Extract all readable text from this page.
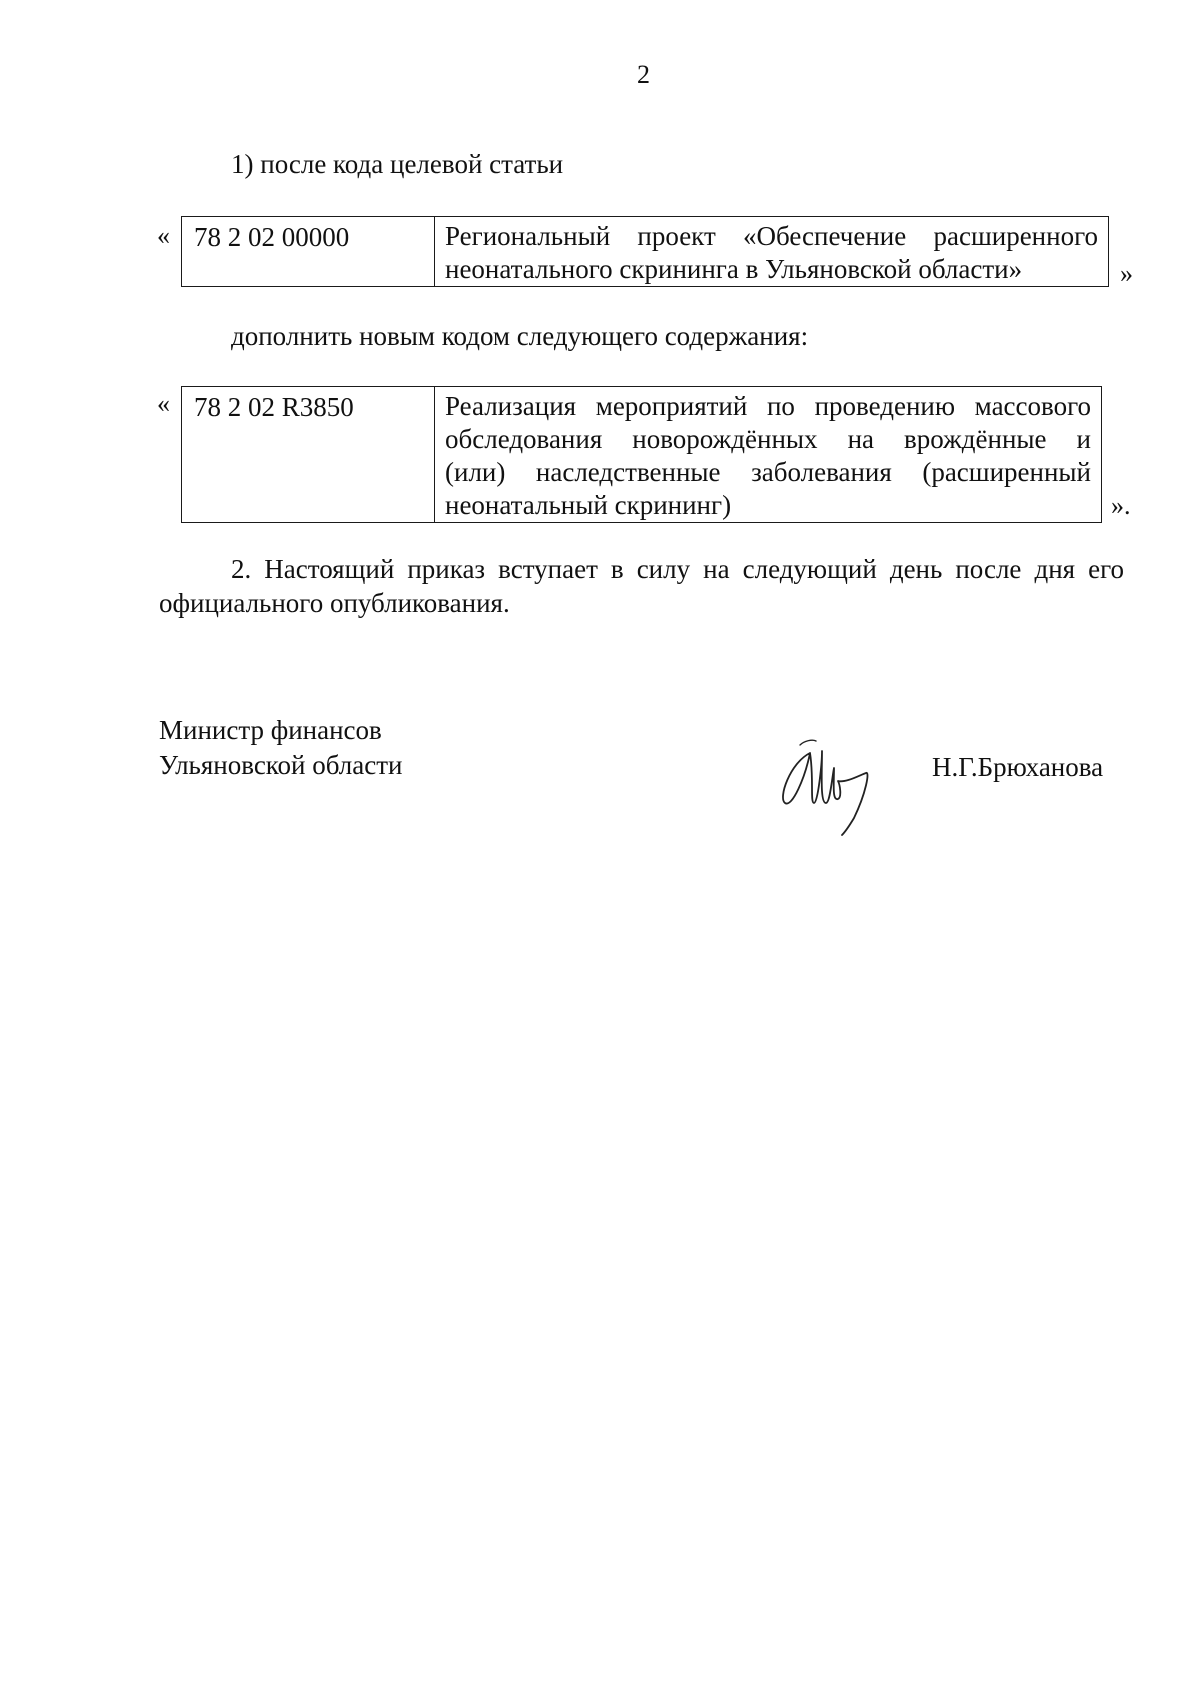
2
1) после кода целевой статьи
« 78 2 02 00000	Региональный проект «Обеспечение расширенного
неонатального скрининга в Ульяновской области»	»
дополнить новым кодом следующего содержания:
« 78 2 02 R3850	Реализация мероприятий по проведению массового
обследования новорождённых на врождённые и
(или) наследственные заболевания (расширенный
неонатальный скрининг)	».
2. Настоящий приказ вступает в силу на следующий день после дня его
официального опубликования.
Министр финансов
Ульяновской области	Н.Г.Брюханова
